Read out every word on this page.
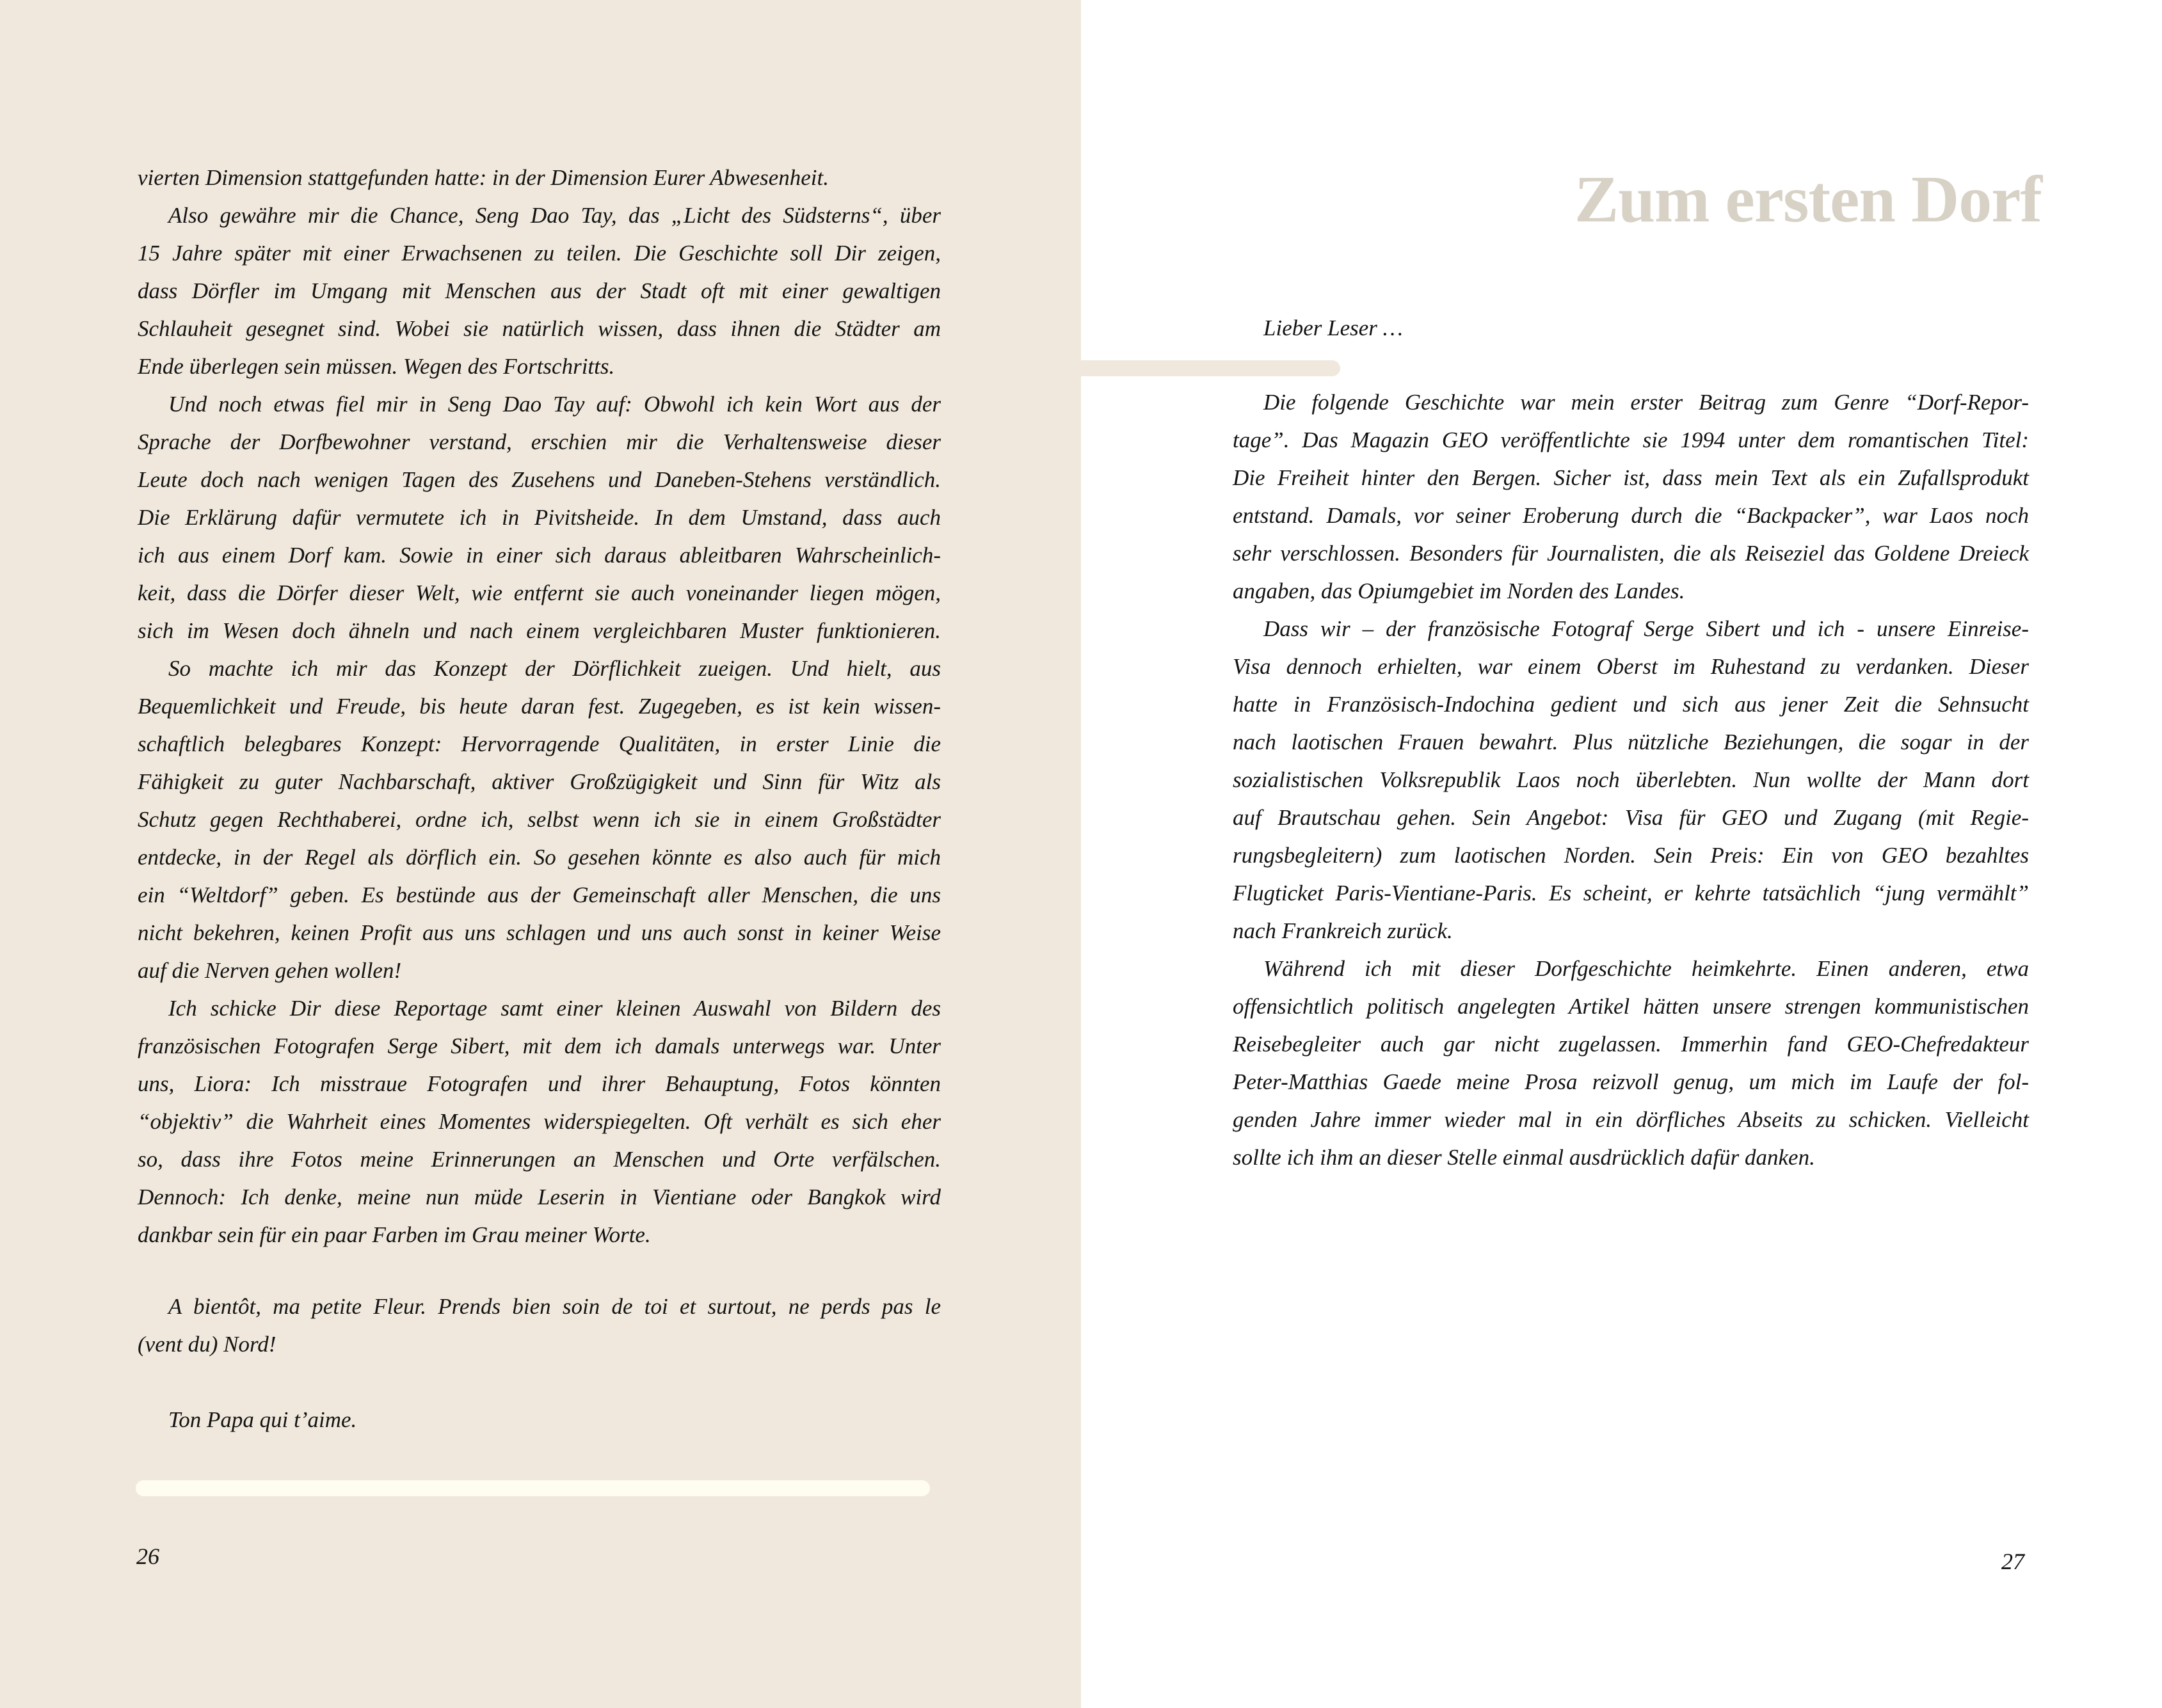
vierten Dimension stattgefunden hatte: in der Dimension Eurer Abwesenheit.
Also gewähre mir die Chance, Seng Dao Tay, das „Licht des Südsterns“, über
15 Jahre später mit einer Erwachsenen zu teilen. Die Geschichte soll Dir zeigen,
dass Dörfler im Umgang mit Menschen aus der Stadt oft mit einer gewaltigen
Schlauheit gesegnet sind. Wobei sie natürlich wissen, dass ihnen die Städter am
Ende überlegen sein müssen. Wegen des Fortschritts.
Und noch etwas fiel mir in Seng Dao Tay auf: Obwohl ich kein Wort aus der
Sprache der Dorfbewohner verstand, erschien mir die Verhaltensweise dieser
Leute doch nach wenigen Tagen des Zusehens und Daneben-Stehens verständlich.
Die Erklärung dafür vermutete ich in Pivitsheide. In dem Umstand, dass auch
ich aus einem Dorf kam. Sowie in einer sich daraus ableitbaren Wahrscheinlich-
keit, dass die Dörfer dieser Welt, wie entfernt sie auch voneinander liegen mögen,
sich im Wesen doch ähneln und nach einem vergleichbaren Muster funktionieren.
So machte ich mir das Konzept der Dörflichkeit zueigen. Und hielt, aus
Bequemlichkeit und Freude, bis heute daran fest. Zugegeben, es ist kein wissen-
schaftlich belegbares Konzept: Hervorragende Qualitäten, in erster Linie die
Fähigkeit zu guter Nachbarschaft, aktiver Großzügigkeit und Sinn für Witz als
Schutz gegen Rechthaberei, ordne ich, selbst wenn ich sie in einem Großstädter
entdecke, in der Regel als dörflich ein. So gesehen könnte es also auch für mich
ein “Weltdorf” geben. Es bestünde aus der Gemeinschaft aller Menschen, die uns
nicht bekehren, keinen Profit aus uns schlagen und uns auch sonst in keiner Weise
auf die Nerven gehen wollen!
Ich schicke Dir diese Reportage samt einer kleinen Auswahl von Bildern des
französischen Fotografen Serge Sibert, mit dem ich damals unterwegs war. Unter
uns, Liora: Ich misstraue Fotografen und ihrer Behauptung, Fotos könnten
“objektiv” die Wahrheit eines Momentes widerspiegelten. Oft verhält es sich eher
so, dass ihre Fotos meine Erinnerungen an Menschen und Orte verfälschen.
Dennoch: Ich denke, meine nun müde Leserin in Vientiane oder Bangkok wird
dankbar sein für ein paar Farben im Grau meiner Worte.
A bientôt, ma petite Fleur. Prends bien soin de toi et surtout, ne perds pas le
(vent du) Nord!
Ton Papa qui t’aime.
Zum ersten Dorf
Lieber Leser …
Die folgende Geschichte war mein erster Beitrag zum Genre “Dorf-Repor-
tage”. Das Magazin GEO veröffentlichte sie 1994 unter dem romantischen Titel:
Die Freiheit hinter den Bergen. Sicher ist, dass mein Text als ein Zufallsprodukt
entstand. Damals, vor seiner Eroberung durch die “Backpacker”, war Laos noch
sehr verschlossen. Besonders für Journalisten, die als Reiseziel das Goldene Dreieck
angaben, das Opiumgebiet im Norden des Landes.
Dass wir – der französische Fotograf Serge Sibert und ich - unsere Einreise-
Visa dennoch erhielten, war einem Oberst im Ruhestand zu verdanken. Dieser
hatte in Französisch-Indochina gedient und sich aus jener Zeit die Sehnsucht
nach laotischen Frauen bewahrt. Plus nützliche Beziehungen, die sogar in der
sozialistischen Volksrepublik Laos noch überlebten. Nun wollte der Mann dort
auf Brautschau gehen. Sein Angebot: Visa für GEO und Zugang (mit Regie-
rungsbegleitern) zum laotischen Norden. Sein Preis: Ein von GEO bezahltes
Flugticket Paris-Vientiane-Paris. Es scheint, er kehrte tatsächlich “jung vermählt”
nach Frankreich zurück.
Während ich mit dieser Dorfgeschichte heimkehrte. Einen anderen, etwa
offensichtlich politisch angelegten Artikel hätten unsere strengen kommunistischen
Reisebegleiter auch gar nicht zugelassen. Immerhin fand GEO-Chefredakteur
Peter-Matthias Gaede meine Prosa reizvoll genug, um mich im Laufe der fol-
genden Jahre immer wieder mal in ein dörfliches Abseits zu schicken. Vielleicht
sollte ich ihm an dieser Stelle einmal ausdrücklich dafür danken.
26	27
